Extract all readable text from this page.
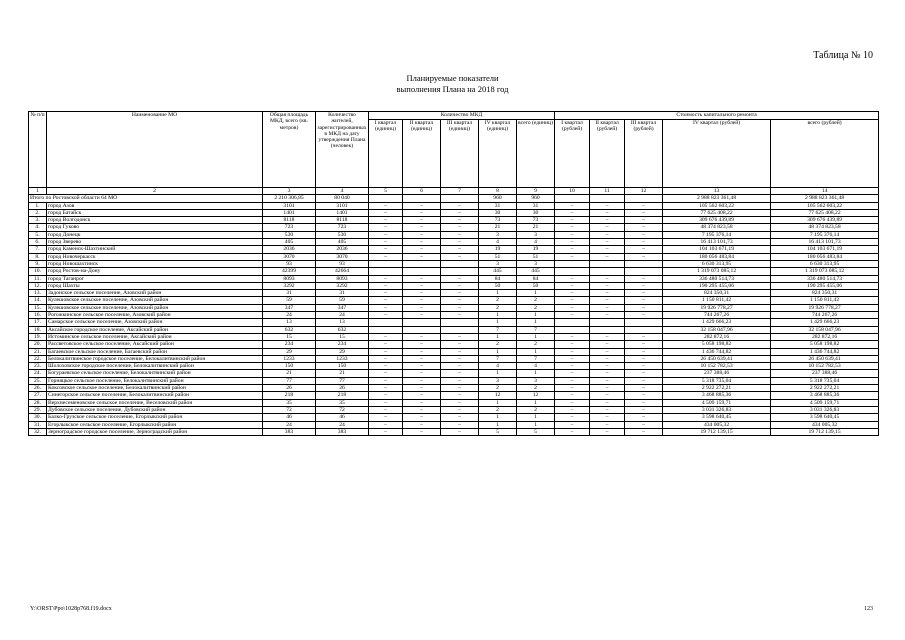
Таблица № 10
Планируемые показатели
выполнения Плана на 2018 год
№ п/п	Наименование МО	Общая площадь МКД, всего (кв. метров)	Количество жителей, зарегистрированных в МКД на дату утверждения Плана (человек)	Количество МКД					Стоимость капитального ремонта				
				I квартал (единиц)	II квартал (единиц)	III квартал (единиц)	IV квартал (единиц)	всего (единиц)	I квартал (рублей)	II квартал (рублей)	III квартал (рублей)	IV квартал (рублей)	всего (рублей)
1	2	3	4	5	6	7	8	9	10	11	12	13	14
Итого по Ростовской области 64 МО		2 210 306,85	80 040				960	960				2 988 823 361,48	2 988 823 361,48
1.	город Азов	3101	3101	–	–	–	31	31	–	–	–	105 562 603,22	105 562 603,22
2.	город Батайск	1401	1401	–	–	–	30	30	–	–	–	77 625 408,22	77 625 408,22
3.	город Волгодонск	8118	8118	–	–	–	73	73	–	–	–	309 676 439,89	309 676 439,89
4.	город Гуково	723	723	–	–	–	21	21	–	–	–	48 374 823,58	48 374 823,58
5.	город Донецк	530	530	–	–	–	3	3	–	–	–	7 195 376,14	7 195 376,14
6.	город Зверево	405	405	–	–	–	4	4	–	–	–	16 413 101,73	16 413 101,73
7.	город Каменск-Шахтинский	2036	2036	–	–	–	19	19	–	–	–	104 103 671,19	104 103 671,19
8.	город Новочеркасск	3070	3070	–	–	–	51	51	–	–	–	180 056 483,84	180 056 483,84
9.	город Новошахтинск	93	93				3	3				6 630 313,95	6 630 313,95
10.	город Ростов-на-Дону	42399	42664				445	445				1 319 073 085,12	1 319 073 085,12
11.	город Таганрог	8093	8093	–	–	–	84	84	–	–	–	336 480 514,73	336 480 514,73
12.	город Шахты	3292	3292	–	–	–	50	50	–	–	–	190 295 455,06	190 295 455,06
13.	Задонское сельское поселение, Азовский район	31	31	–	–	–	1	1	–	–	–	824 350,31	824 350,31
14.	Кулешовское сельское поселение, Азовский район	59	59	–	–	–	2	2	–	–	–	1 150 811,42	1 150 811,42
15.	Кулешовское сельское поселение, Азовский район	347	347	–	–	–	2	2	–	–	–	19 926 778,27	19 926 778,27
16.	Рогожкинское сельское поселение, Азовский район	24	24	–	–	–	1	1	–	–	–	744 267,26	744 267,26
17.	Самарское сельское поселение, Азовский район	13	13				1	1				1 429 666,23	1 429 666,23
18.	Аксайское городское поселение, Аксайский район	632	632				7	7				32 158 047,96	32 158 047,96
19.	Истоминское сельское поселение, Аксайский район	15	15	–	–	–	1	1	–	–	–	282 872,16	282 872,16
20.	Рассветовское сельское поселение, Аксайский район	234	234	–	–	–	2	2	–	–	–	5 058 198,82	5 058 198,82
21.	Багаевское сельское поселение, Багаевский район	29	29	–	–	–	1	1	–	–	–	1 436 744,82	1 436 744,82
22.	Белокалитвинское городское поселение, Белокалитвинский район	1233	1233	–	–	–	7	7	–	–	–	26 450 639,41	26 450 639,41
23.	Шолоховское городское поселение, Белокалитвинский район	150	150	–	–	–	4	4	–	–	–	10 152 782,53	10 152 782,53
24.	Богураевское сельское поселение, Белокалитвинский район	21	21	–	–	–	1	1	–	–	–	237 388,46	237 388,46
25.	Горняцкое сельское поселение, Белокалитвинский район	77	77	–	–	–	3	3	–	–	–	5 318 735,04	5 318 735,04
26.	Коксовское сельское поселение, Белокалитвинский район	26	26	–	–	–	2	2	–	–	–	2 922 272,21	2 922 272,21
27.	Синегорское сельское поселение, Белокалитвинский район	218	218	–	–	–	12	12	–	–	–	3 468 885,36	3 468 885,36
28.	Верхнесеменовское сельское поселение, Веселовский район	35	35	–	–	–	1	1	–	–	–	4 509 159,71	4 509 159,71
29.	Дубовское сельское поселение, Дубовский район	72	72	–	–	–	2	2	–	–	–	3 031 326,83	3 031 326,83
30.	Балко-Грузское сельское поселение, Егорлыкский район	46	46	–	–	–	1	1	–	–	–	3 598 640,45	3 598 640,45
31.	Егорлыкское сельское поселение, Егорлыкский район	24	24	–	–	–	1	1	–	–	–	434 005,32	434 005,32
32.	Зерноградское городское поселение, Зерноградский район	383	383	–	–	–	5	5	–	–	–	19 712 139,15	19 712 139,15
Y:\ORST\Ppo\1028p768.f19.docx	123
